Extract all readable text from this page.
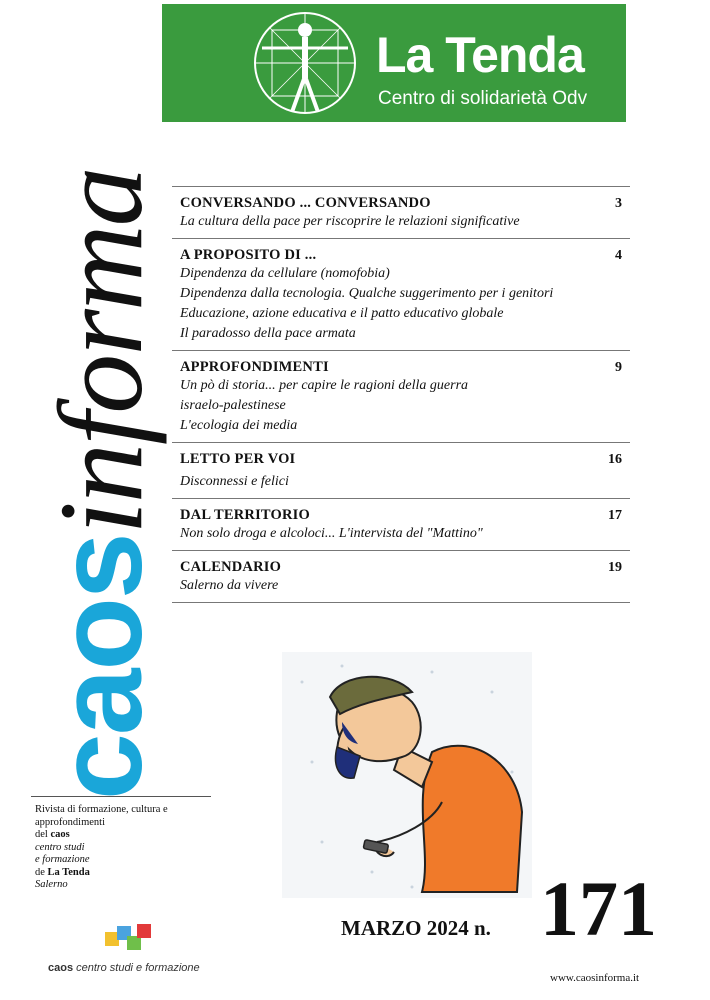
La Tenda
Centro di solidarietà Odv
caosinforma CONVERSANDO ... CONVERSANDO	3
La cultura della pace per riscoprire le relazioni significative
A PROPOSITO DI ...	4
Dipendenza da cellulare (nomofobia)
Dipendenza dalla tecnologia. Qualche suggerimento per i genitori
Educazione, azione educativa e il patto educativo globale
Il paradosso della pace armata
APPROFONDIMENTI	9
Un pò di storia... per capire le ragioni della guerra
israelo-palestinese
L'ecologia dei media
LETTO PER VOI	16
Disconnessi e felici
DAL TERRITORIO	17
Non solo droga e alcoloci... L'intervista del "Mattino"
CALENDARIO	19
Salerno da vivere
Rivista di formazione, cultura e
approfondimenti
del caos
centro studi
e formazione
de La Tenda
Salerno
caos centro studi e formazione
MARZO 2024 n. 171
www.caosinforma.it
